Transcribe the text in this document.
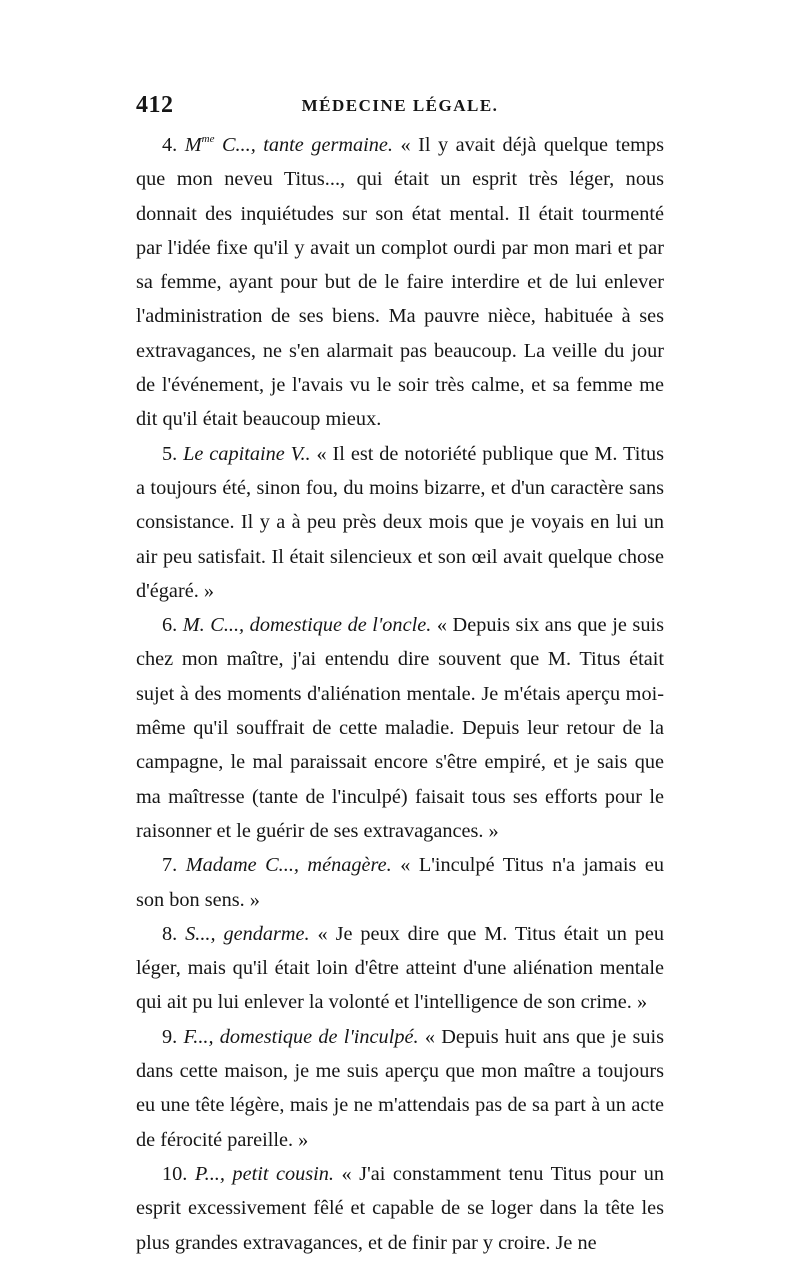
412	MÉDECINE LÉGALE.

4. $M^{me}$ C..., tante germaine. « Il y avait déjà quelque temps que mon neveu Titus..., qui était un esprit très léger, nous donnait des inquiétudes sur son état mental. Il était tourmenté par l'idée fixe qu'il y avait un complot ourdi par mon mari et par sa femme, ayant pour but de le faire interdire et de lui enlever l'administration de ses biens. Ma pauvre nièce, habituée à ses extravagances, ne s'en alarmait pas beaucoup. La veille du jour de l'événement, je l'avais vu le soir très calme, et sa femme me dit qu'il était beaucoup mieux.

5. Le capitaine V.. « Il est de notoriété publique que M. Titus a toujours été, sinon fou, du moins bizarre, et d'un caractère sans consistance. Il y a à peu près deux mois que je voyais en lui un air peu satisfait. Il était silencieux et son œil avait quelque chose d'égaré. »

6. M. C..., domestique de l'oncle. « Depuis six ans que je suis chez mon maître, j'ai entendu dire souvent que M. Titus était sujet à des moments d'aliénation mentale. Je m'étais aperçu moi-même qu'il souffrait de cette maladie. Depuis leur retour de la campagne, le mal paraissait encore s'être empiré, et je sais que ma maîtresse (tante de l'inculpé) faisait tous ses efforts pour le raisonner et le guérir de ses extravagances. »

7. Madame C..., ménagère. « L'inculpé Titus n'a jamais eu son bon sens. »

8. S..., gendarme. « Je peux dire que M. Titus était un peu léger, mais qu'il était loin d'être atteint d'une aliénation mentale qui ait pu lui enlever la volonté et l'intelligence de son crime. »

9. F..., domestique de l'inculpé. « Depuis huit ans que je suis dans cette maison, je me suis aperçu que mon maître a toujours eu une tête légère, mais je ne m'attendais pas de sa part à un acte de férocité pareille. »

10. P..., petit cousin. « J'ai constamment tenu Titus pour un esprit excessivement fêlé et capable de se loger dans la tête les plus grandes extravagances, et de finir par y croire. Je ne
